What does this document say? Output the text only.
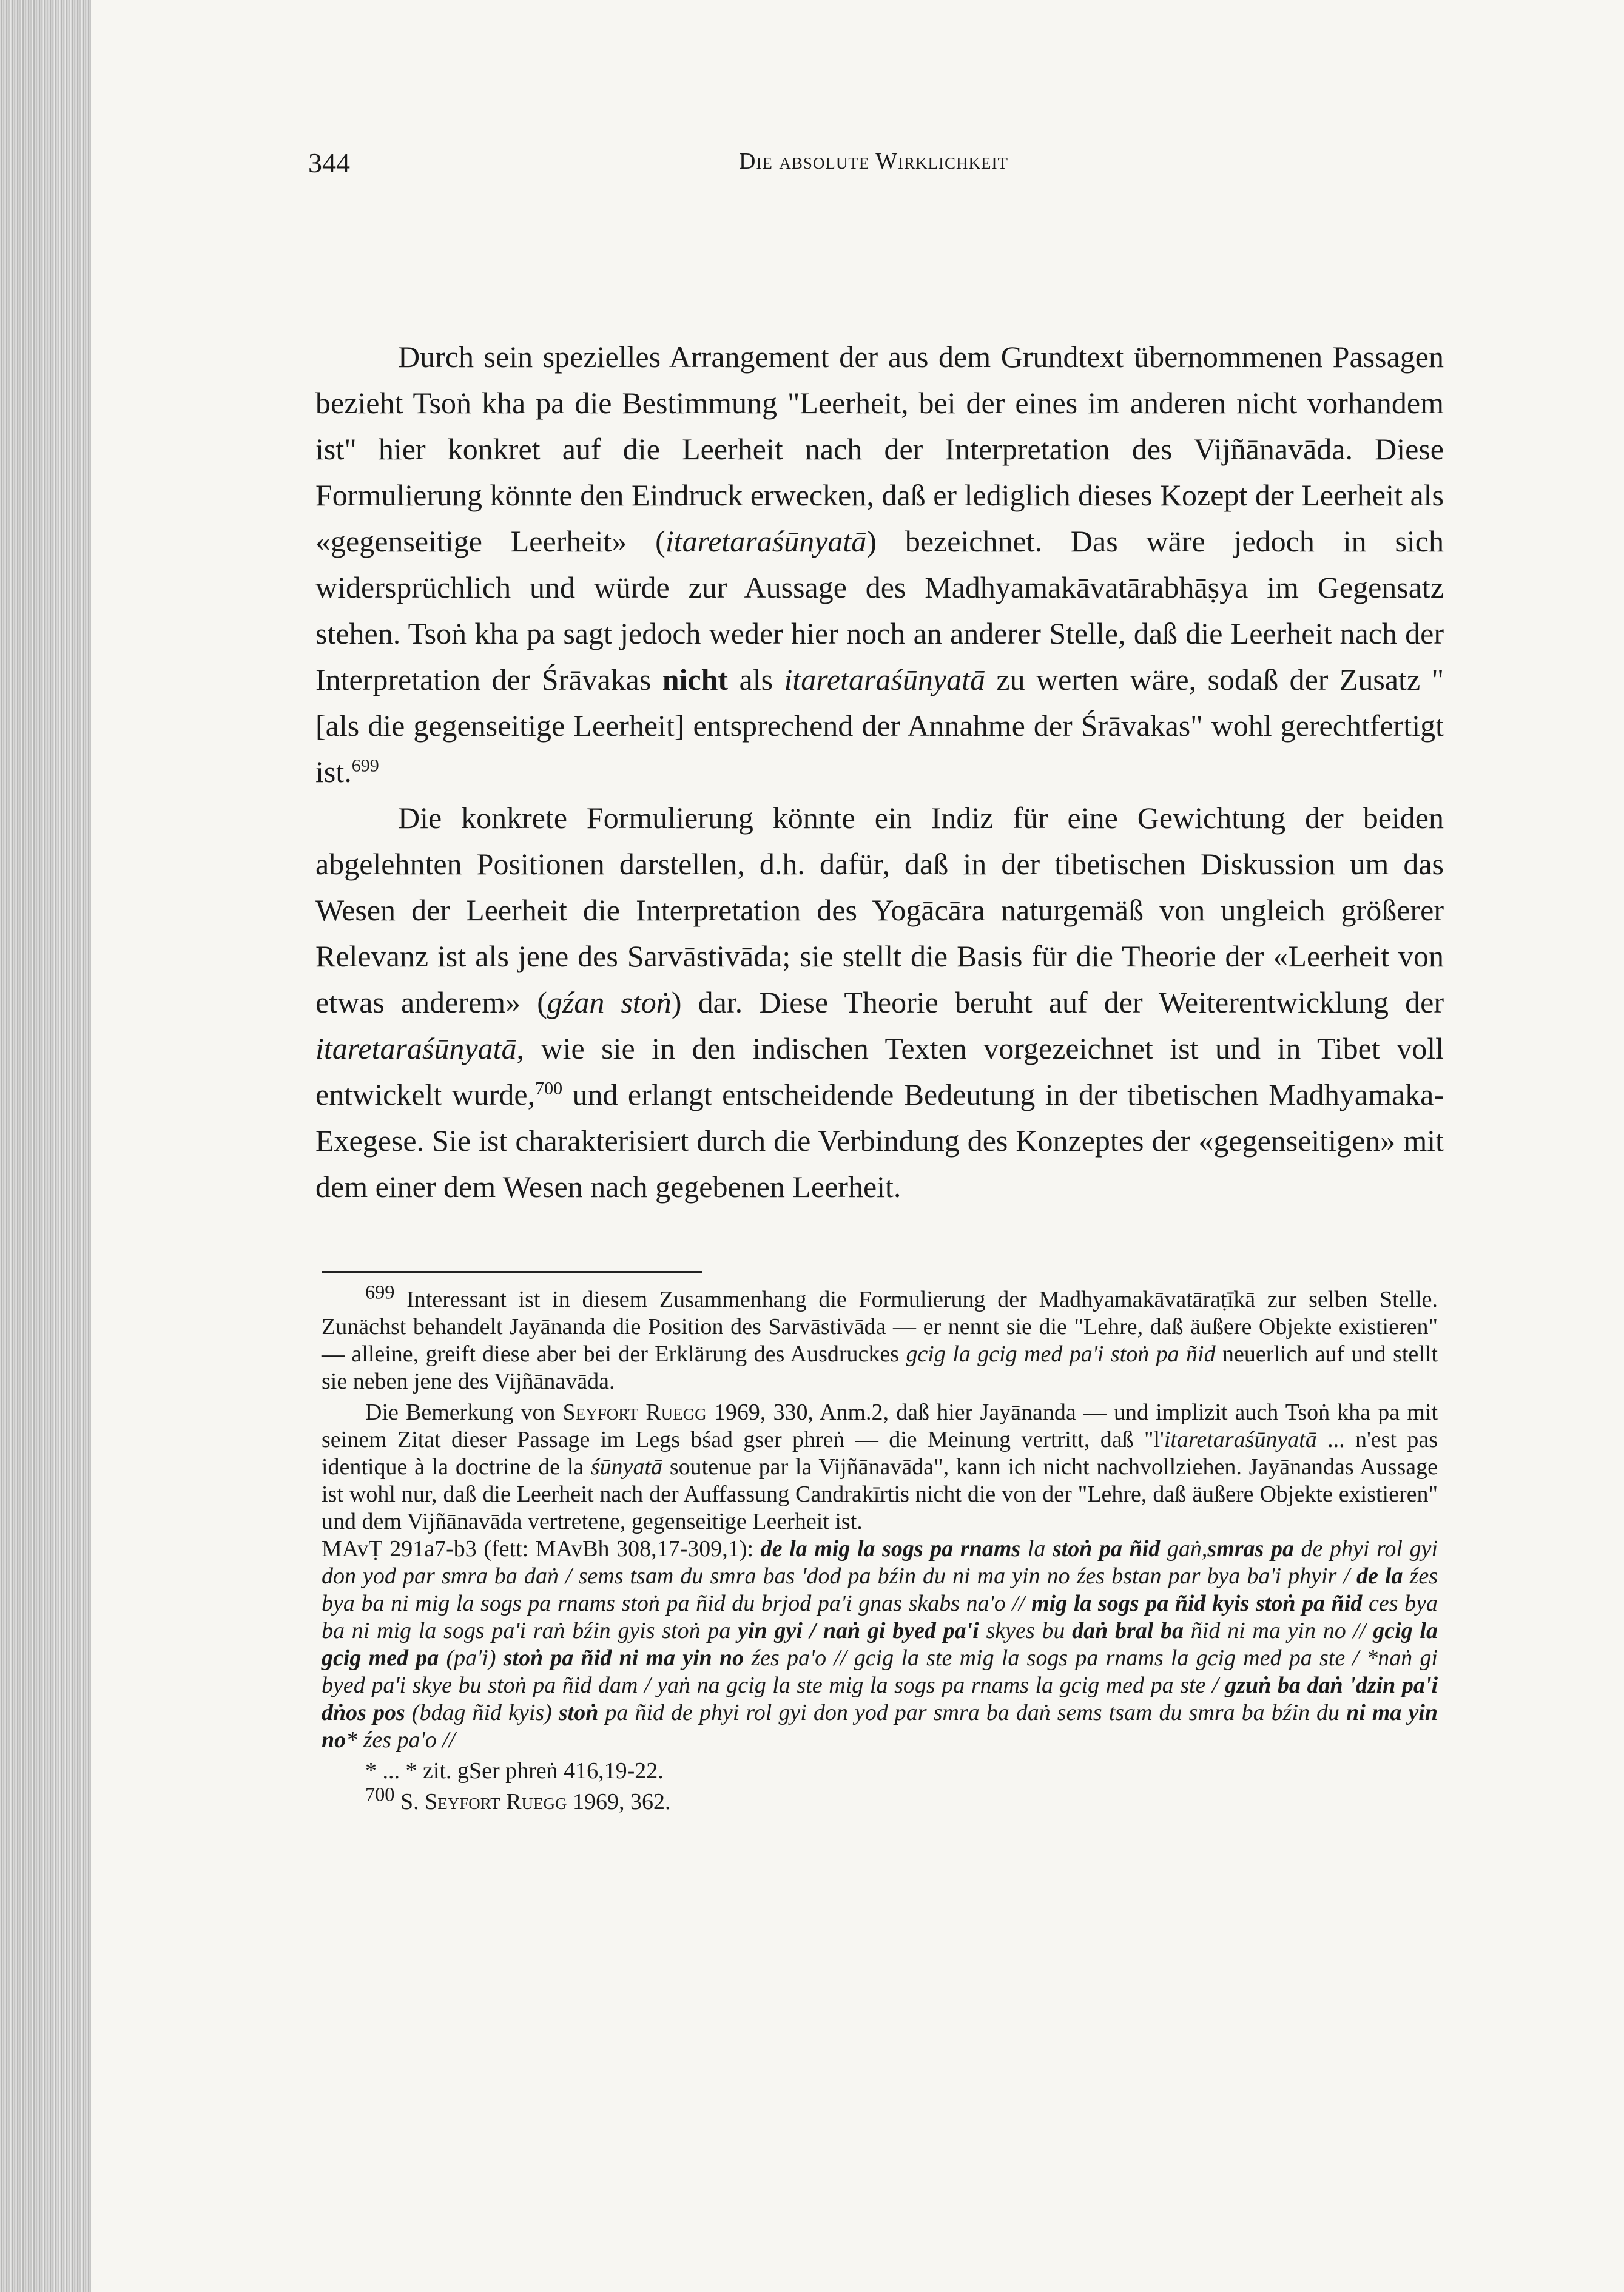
344	Die absolute Wirklichkeit

Durch sein spezielles Arrangement der aus dem Grundtext übernommenen Passagen bezieht Tsoṅ kha pa die Bestimmung "Leerheit, bei der eines im anderen nicht vorhandem ist" hier konkret auf die Leerheit nach der Interpretation des Vijñānavāda. Diese Formulierung könnte den Eindruck erwecken, daß er lediglich dieses Kozept der Leerheit als «gegenseitige Leerheit» (itaretaraśūnyatā) bezeichnet. Das wäre jedoch in sich widersprüchlich und würde zur Aussage des Madhyamakāvatārabhāṣya im Gegensatz stehen. Tsoṅ kha pa sagt jedoch weder hier noch an anderer Stelle, daß die Leerheit nach der Interpretation der Śrāvakas nicht als itaretaraśūnyatā zu werten wäre, sodaß der Zusatz "[als die gegenseitige Leerheit] entsprechend der Annahme der Śrāvakas" wohl gerechtfertigt ist.$^{699}$

Die konkrete Formulierung könnte ein Indiz für eine Gewichtung der beiden abgelehnten Positionen darstellen, d.h. dafür, daß in der tibetischen Diskussion um das Wesen der Leerheit die Interpretation des Yogācāra naturgemäß von ungleich größerer Relevanz ist als jene des Sarvāstivāda; sie stellt die Basis für die Theorie der «Leerheit von etwas anderem» (gźan stoṅ) dar. Diese Theorie beruht auf der Weiterentwicklung der itaretaraśūnyatā, wie sie in den indischen Texten vorgezeichnet ist und in Tibet voll entwickelt wurde,$^{700}$ und erlangt entscheidende Bedeutung in der tibetischen Madhyamaka-Exegese. Sie ist charakterisiert durch die Verbindung des Konzeptes der «gegenseitigen» mit dem einer dem Wesen nach gegebenen Leerheit.

$^{699}$ Interessant ist in diesem Zusammenhang die Formulierung der Madhyamakāvatāraṭīkā zur selben Stelle. Zunächst behandelt Jayānanda die Position des Sarvāstivāda — er nennt sie die "Lehre, daß äußere Objekte existieren" — alleine, greift diese aber bei der Erklärung des Ausdruckes gcig la gcig med pa'i stoṅ pa ñid neuerlich auf und stellt sie neben jene des Vijñānavāda.

Die Bemerkung von Seyfort Ruegg 1969, 330, Anm.2, daß hier Jayānanda — und implizit auch Tsoṅ kha pa mit seinem Zitat dieser Passage im Legs bśad gser phreṅ — die Meinung vertritt, daß "l'itaretaraśūnyatā ... n'est pas identique à la doctrine de la śūnyatā soutenue par la Vijñānavāda", kann ich nicht nachvollziehen. Jayānandas Aussage ist wohl nur, daß die Leerheit nach der Auffassung Candrakīrtis nicht die von der "Lehre, daß äußere Objekte existieren" und dem Vijñānavāda vertretene, gegenseitige Leerheit ist.

MAvṬ 291a7-b3 (fett: MAvBh 308,17-309,1): de la mig la sogs pa rnams la stoṅ pa ñid gaṅ,smras pa de phyi rol gyi don yod par smra ba daṅ / sems tsam du smra bas 'dod pa bźin du ni ma yin no źes bstan par bya ba'i phyir / de la źes bya ba ni mig la sogs pa rnams stoṅ pa ñid du brjod pa'i gnas skabs na'o // mig la sogs pa ñid kyis stoṅ pa ñid ces bya ba ni mig la sogs pa'i raṅ bźin gyis stoṅ pa yin gyi / naṅ gi byed pa'i skyes bu daṅ bral ba ñid ni ma yin no // gcig la gcig med pa (pa'i) stoṅ pa ñid ni ma yin no źes pa'o // gcig la ste mig la sogs pa rnams la gcig med pa ste / *naṅ gi byed pa'i skye bu stoṅ pa ñid dam / yaṅ na gcig la ste mig la sogs pa rnams la gcig med pa ste / gzuṅ ba daṅ 'dzin pa'i dṅos pos (bdag ñid kyis) stoṅ pa ñid de phyi rol gyi don yod par smra ba daṅ sems tsam du smra ba bźin du ni ma yin no* źes pa'o //

* ... * zit. gSer phreṅ 416,19-22.

$^{700}$ S. Seyfort Ruegg 1969, 362.
